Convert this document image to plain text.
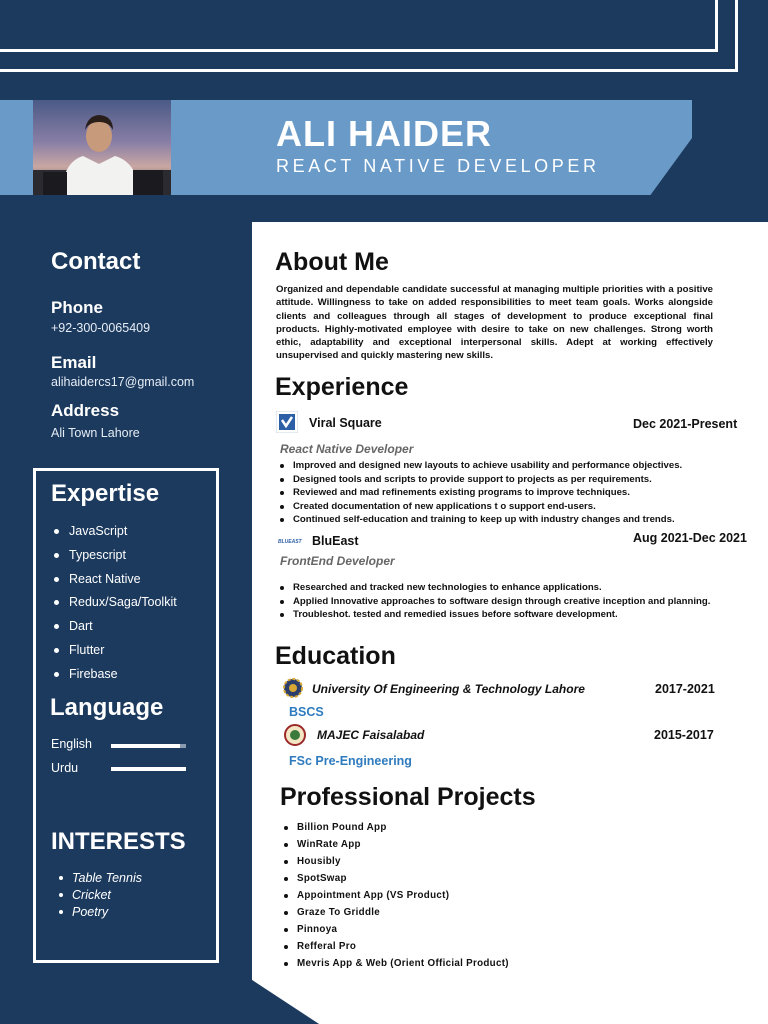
ALI HAIDER
REACT NATIVE DEVELOPER
Contact
Phone
+92-300-0065409
Email
alihaidercs17@gmail.com
Address
Ali Town Lahore
Expertise
JavaScript
Typescript
React Native
Redux/Saga/Toolkit
Dart
Flutter
Firebase
Language
English
Urdu
INTERESTS
Table Tennis
Cricket
Poetry
About Me

Organized and dependable candidate successful at managing multiple priorities with a positive attitude. Willingness to take on added responsibilities to meet team goals. Works alongside clients and colleagues through all stages of development to produce exceptional final products. Highly-motivated employee with desire to take on new challenges. Strong worth ethic, adaptability and exceptional interpersonal skills. Adept at working effectively unsupervised and quickly mastering new skills.

Experience
Viral Square	Dec 2021-Present
React Native Developer
Improved and designed new layouts to achieve usability and performance objectives.
Designed tools and scripts to provide support to projects as per requirements.
Reviewed and mad refinements existing programs to improve techniques.
Created documentation of new applications t o support end-users.
Continued self-education and training to keep up with industry changes and trends.
BLUEAST BluEast	Aug 2021-Dec 2021
FrontEnd Developer
Researched and tracked new technologies to enhance applications.
Applied Innovative approaches to software design through creative inception and planning.
Troubleshot. tested and remedied issues before software development.
Education
University Of Engineering & Technology Lahore	2017-2021
BSCS
MAJEC Faisalabad	2015-2017
FSc Pre-Engineering
Professional Projects
Billion Pound App
WinRate App
Housibly
SpotSwap
Appointment App (VS Product)
Graze To Griddle
Pinnoya
Refferal Pro
Mevris App & Web (Orient Official Product)
